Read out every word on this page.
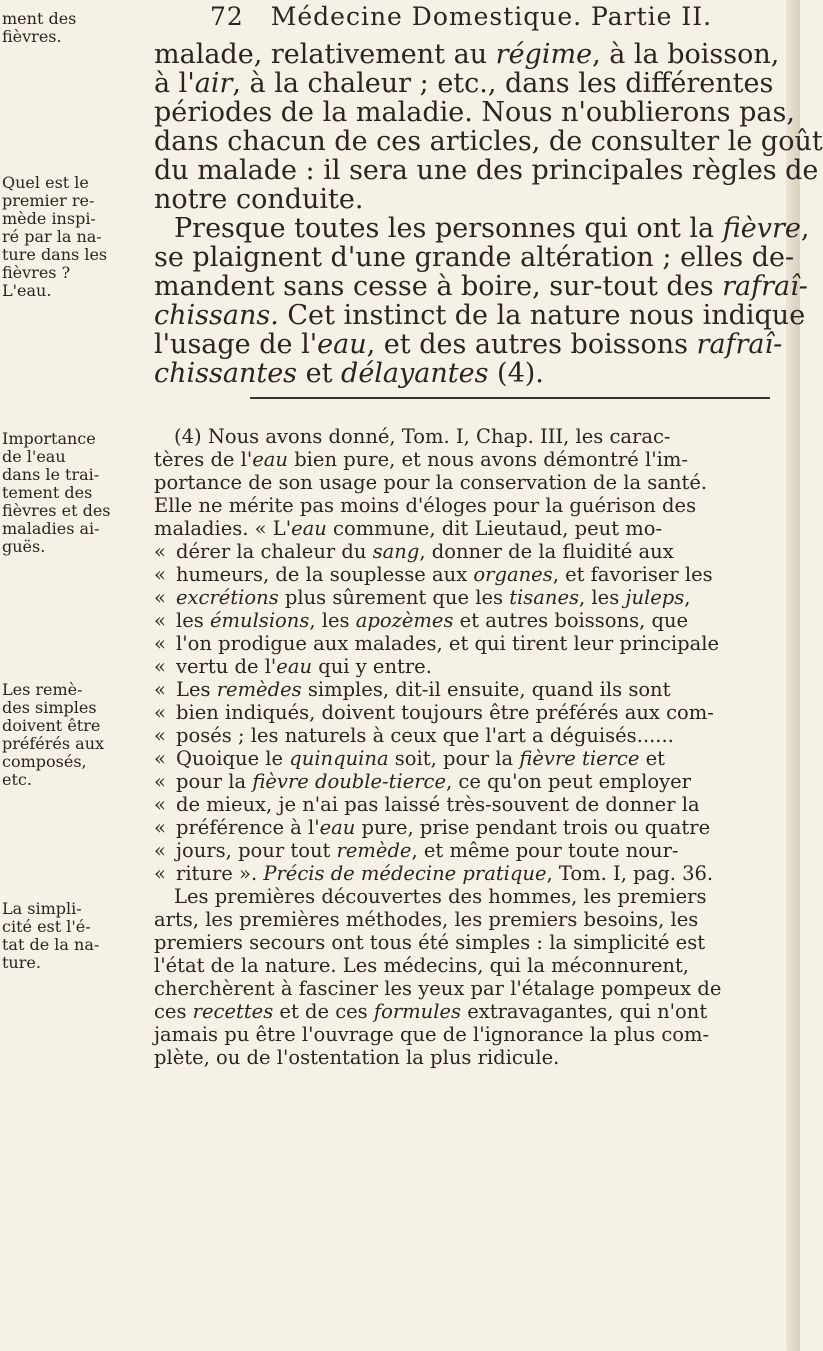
72 Médecine Domestique. Partie II.
ment des
fièvres.
Quel est le
premier re-
mède inspi-
ré par la na-
ture dans les
fièvres ?
L'eau.
Importance
de l'eau
dans le trai-
tement des
fièvres et des
maladies ai-
guës.
Les remè-
des simples
doivent être
préférés aux
composés,
etc.
La simpli-
cité est l'é-
tat de la na-
ture.
malade, relativement au régime, à la boisson,
à l'air, à la chaleur ; etc., dans les différentes
périodes de la maladie. Nous n'oublierons pas,
dans chacun de ces articles, de consulter le goût
du malade : il sera une des principales règles de
notre conduite.
Presque toutes les personnes qui ont la fièvre,
se plaignent d'une grande altération ; elles de-
mandent sans cesse à boire, sur-tout des rafraî-
chissans. Cet instinct de la nature nous indique
l'usage de l'eau, et des autres boissons rafraî-
chissantes et délayantes (4).
(4) Nous avons donné, Tom. I, Chap. III, les carac-
tères de l'eau bien pure, et nous avons démontré l'im-
portance de son usage pour la conservation de la santé.
Elle ne mérite pas moins d'éloges pour la guérison des
maladies. « L'eau commune, dit Lieutaud, peut mo-
« dérer la chaleur du sang, donner de la fluidité aux
« humeurs, de la souplesse aux organes, et favoriser les
« excrétions plus sûrement que les tisanes, les juleps,
« les émulsions, les apozèmes et autres boissons, que
« l'on prodigue aux malades, et qui tirent leur principale
« vertu de l'eau qui y entre.
« Les remèdes simples, dit-il ensuite, quand ils sont
« bien indiqués, doivent toujours être préférés aux com-
« posés ; les naturels à ceux que l'art a déguisés......
« Quoique le quinquina soit, pour la fièvre tierce et
« pour la fièvre double-tierce, ce qu'on peut employer
« de mieux, je n'ai pas laissé très-souvent de donner la
« préférence à l'eau pure, prise pendant trois ou quatre
« jours, pour tout remède, et même pour toute nour-
« riture ». Précis de médecine pratique, Tom. I, pag. 36.
Les premières découvertes des hommes, les premiers
arts, les premières méthodes, les premiers besoins, les
premiers secours ont tous été simples : la simplicité est
l'état de la nature. Les médecins, qui la méconnurent,
cherchèrent à fasciner les yeux par l'étalage pompeux de
ces recettes et de ces formules extravagantes, qui n'ont
jamais pu être l'ouvrage que de l'ignorance la plus com-
plète, ou de l'ostentation la plus ridicule.
